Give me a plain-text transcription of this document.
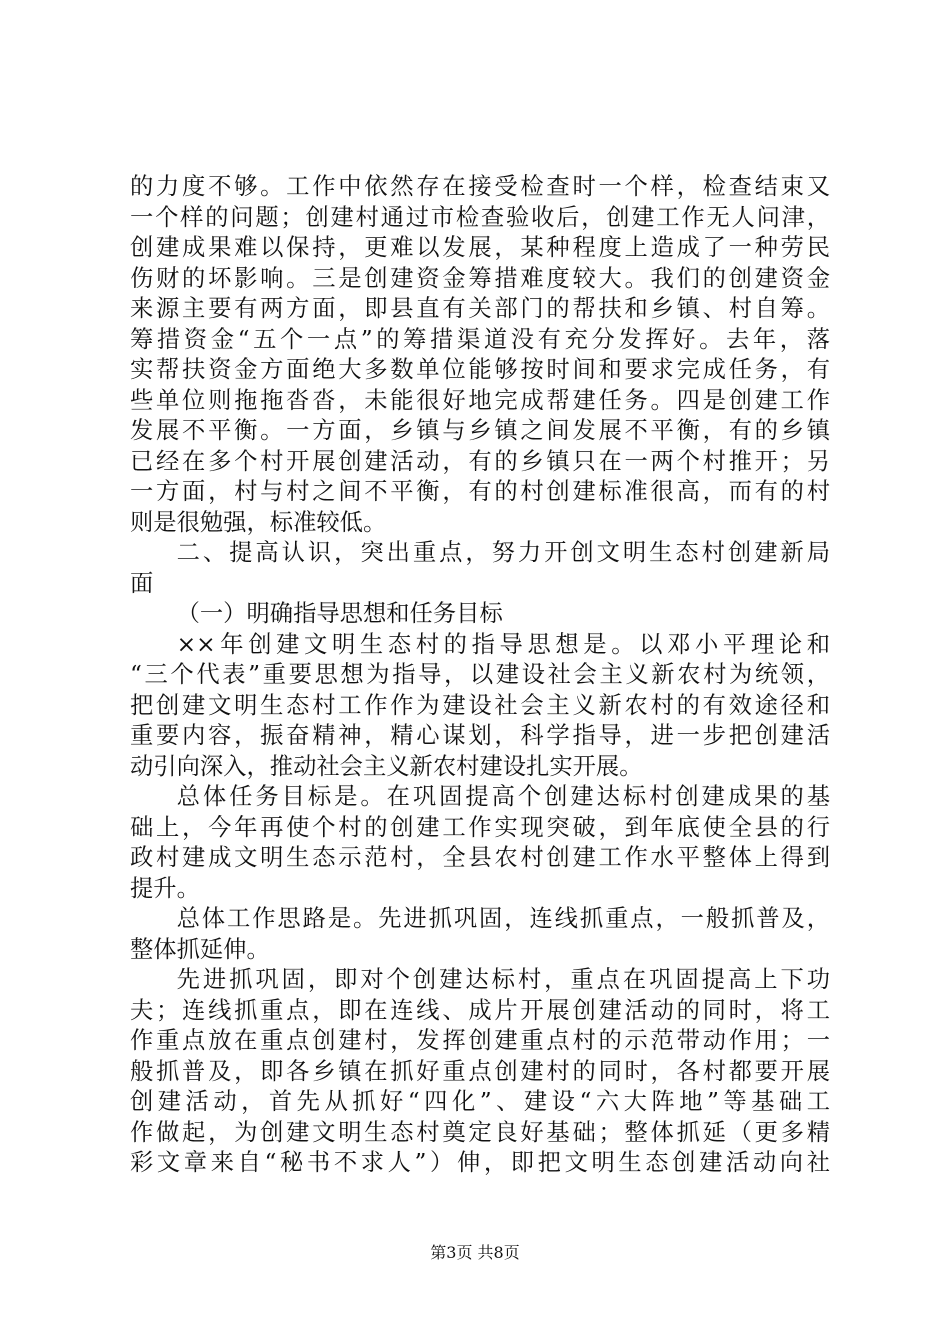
的力度不够。工作中依然存在接受检查时一个样，检查结束又
一个样的问题；创建村通过市检查验收后，创建工作无人问津，
创建成果难以保持，更难以发展，某种程度上造成了一种劳民
伤财的坏影响。三是创建资金筹措难度较大。我们的创建资金
来源主要有两方面，即县直有关部门的帮扶和乡镇、村自筹。
筹措资金“五个一点”的筹措渠道没有充分发挥好。去年，落
实帮扶资金方面绝大多数单位能够按时间和要求完成任务，有
些单位则拖拖沓沓，未能很好地完成帮建任务。四是创建工作
发展不平衡。一方面，乡镇与乡镇之间发展不平衡，有的乡镇
已经在多个村开展创建活动，有的乡镇只在一两个村推开；另
一方面，村与村之间不平衡，有的村创建标准很高，而有的村
则是很勉强，标准较低。
二、提高认识，突出重点，努力开创文明生态村创建新局
面
（一）明确指导思想和任务目标
××年创建文明生态村的指导思想是。以邓小平理论和
“三个代表”重要思想为指导，以建设社会主义新农村为统领，
把创建文明生态村工作作为建设社会主义新农村的有效途径和
重要内容，振奋精神，精心谋划，科学指导，进一步把创建活
动引向深入，推动社会主义新农村建设扎实开展。
总体任务目标是。在巩固提高个创建达标村创建成果的基
础上，今年再使个村的创建工作实现突破，到年底使全县的行
政村建成文明生态示范村，全县农村创建工作水平整体上得到
提升。
总体工作思路是。先进抓巩固，连线抓重点，一般抓普及，
整体抓延伸。
先进抓巩固，即对个创建达标村，重点在巩固提高上下功
夫；连线抓重点，即在连线、成片开展创建活动的同时，将工
作重点放在重点创建村，发挥创建重点村的示范带动作用；一
般抓普及，即各乡镇在抓好重点创建村的同时，各村都要开展
创建活动，首先从抓好“四化”、建设“六大阵地”等基础工
作做起，为创建文明生态村奠定良好基础；整体抓延（更多精
彩文章来自“秘书不求人”）伸，即把文明生态创建活动向社
第3页 共8页
